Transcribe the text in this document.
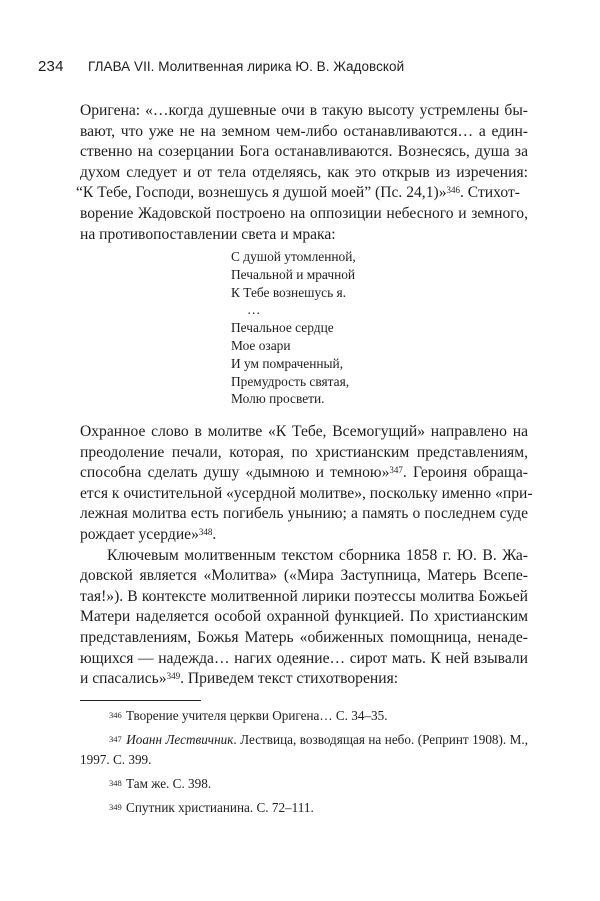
234 ГЛАВА VII. Молитвенная лирика Ю. В. Жадовской
Оригена: «…когда душевные очи в такую высоту устремлены бы-
вают, что уже не на земном чем-либо останавливаются… а един-
ственно на созерцании Бога останавливаются. Вознесясь, душа за
духом следует и от тела отделяясь, как это открыв из изречения:
“К Тебе, Господи, вознешусь я душой моей” (Пс. 24,1)»$^{346}$. Стихот-
ворение Жадовской построено на оппозиции небесного и земного,
на противопоставлении света и мрака:
С душой утомленной,
Печальной и мрачной
К Тебе вознешусь я.
…
Печальное сердце
Мое озари
И ум помраченный,
Премудрость святая,
Молю просвети.
Охранное слово в молитве «К Тебе, Всемогущий» направлено на
преодоление печали, которая, по христианским представлениям,
способна сделать душу «дымною и темною»$^{347}$. Героиня обраща-
ется к очистительной «усердной молитве», поскольку именно «при-
лежная молитва есть погибель унынию; а память о последнем суде
рождает усердие»$^{348}$.
Ключевым молитвенным текстом сборника 1858 г. Ю. В. Жа-
довской является «Молитва» («Мира Заступница, Матерь Всепе-
тая!»). В контексте молитвенной лирики поэтессы молитва Божьей
Матери наделяется особой охранной функцией. По христианским
представлениям, Божья Матерь «обиженных помощница, ненаде-
ющихся — надежда… нагих одеяние… сирот мать. К ней взывали
и спасались»$^{349}$. Приведем текст стихотворения:
$^{346}$ Творение учителя церкви Оригена… С. 34–35.
$^{347}$ Иоанн Лествичник. Лествица, возводящая на небо. (Репринт 1908). М.,
1997. С. 399.
$^{348}$ Там же. С. 398.
$^{349}$ Спутник христианина. С. 72–111.
